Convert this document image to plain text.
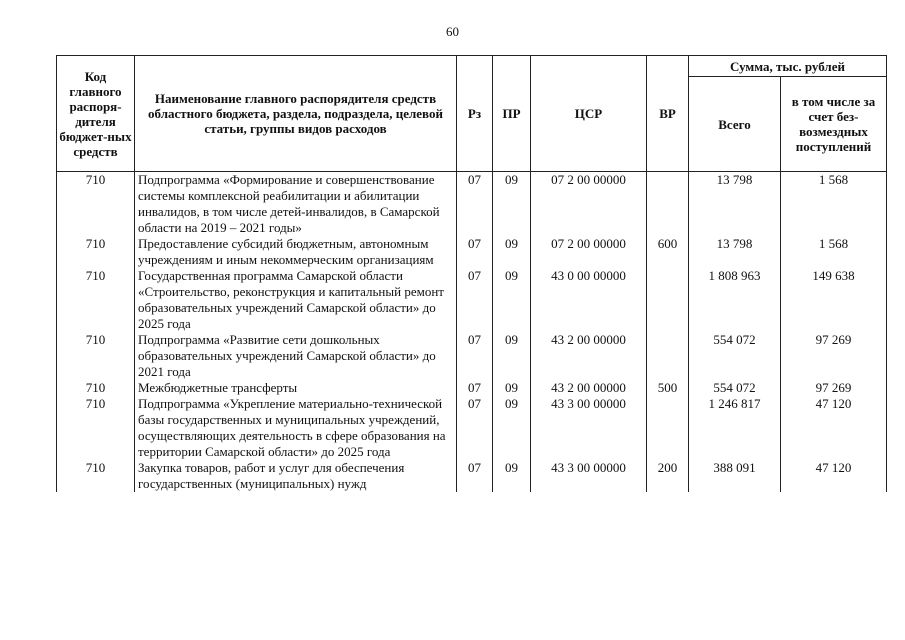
60
Код главного распоря-дителя бюджет-ных средств	Наименование главного распорядителя средств областного бюджета, раздела, подраздела, целевой статьи, группы видов расходов	Рз	ПР	ЦСР	ВР	Сумма, тыс. рублей	
						Всего	в том числе за счет без-возмездных поступлений
710	Подпрограмма «Формирование и совершенствование системы комплексной реабилитации и абилитации инвалидов, в том числе детей-инвалидов, в Самарской области на 2019 – 2021 годы»	07	09	07 2 00 00000		13 798	1 568
710	Предоставление субсидий бюджетным, автономным учреждениям и иным некоммерческим организациям	07	09	07 2 00 00000	600	13 798	1 568
710	Государственная программа Самарской области «Строительство, реконструкция и капитальный ремонт образовательных учреждений Самарской области» до 2025 года	07	09	43 0 00 00000		1 808 963	149 638
710	Подпрограмма «Развитие сети дошкольных образовательных учреждений Самарской области» до 2021 года	07	09	43 2 00 00000		554 072	97 269
710	Межбюджетные трансферты	07	09	43 2 00 00000	500	554 072	97 269
710	Подпрограмма «Укрепление материально-технической базы государственных и муниципальных учреждений, осуществляющих деятельность в сфере образования на территории Самарской области» до 2025 года	07	09	43 3 00 00000		1 246 817	47 120
710	Закупка товаров, работ и услуг для обеспечения государственных (муниципальных) нужд	07	09	43 3 00 00000	200	388 091	47 120
